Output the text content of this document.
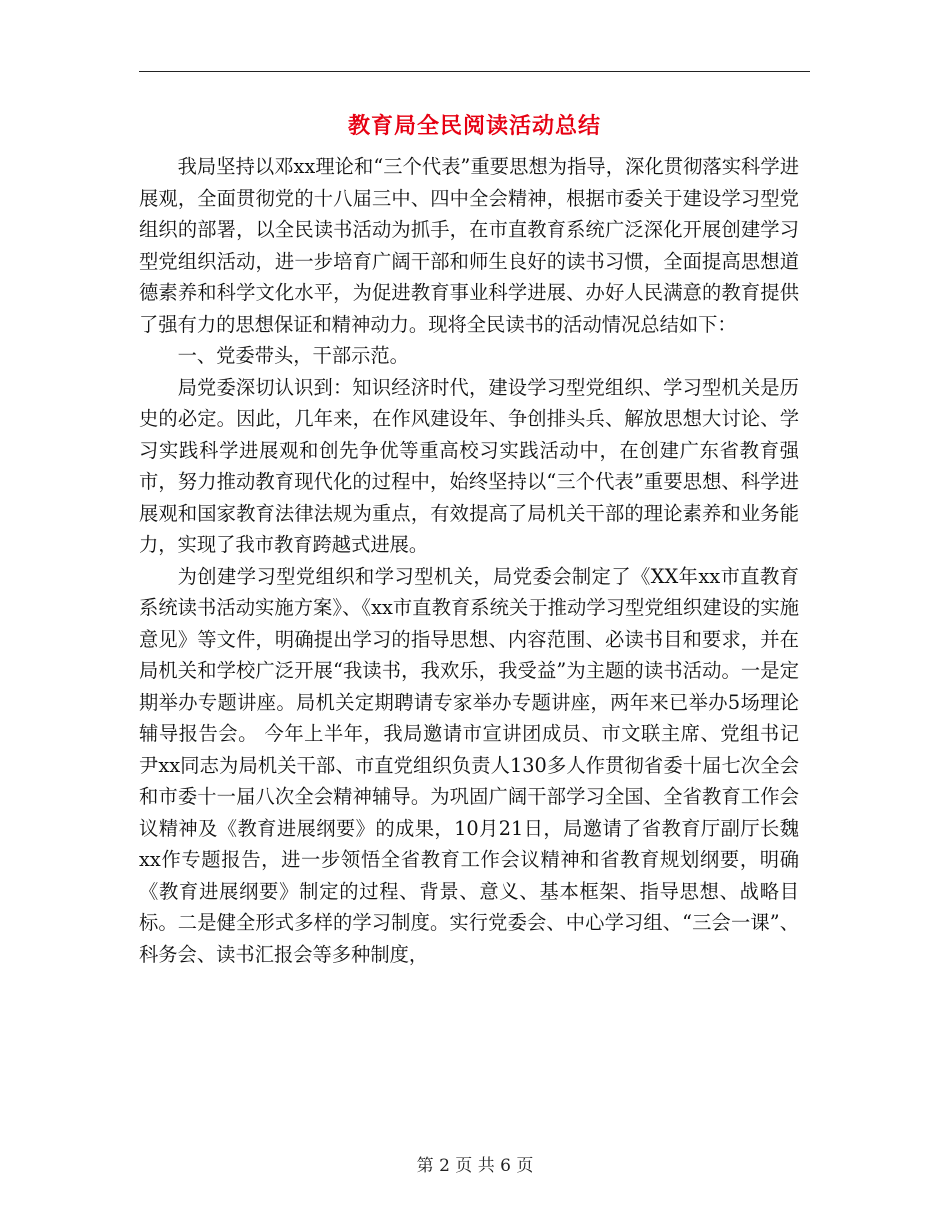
教育局全民阅读活动总结

我局坚持以邓xx理论和“三个代表”重要思想为指导，深化贯彻落实科学进展观，全面贯彻党的十八届三中、四中全会精神，根据市委关于建设学习型党组织的部署，以全民读书活动为抓手，在市直教育系统广泛深化开展创建学习型党组织活动，进一步培育广阔干部和师生良好的读书习惯，全面提高思想道德素养和科学文化水平，为促进教育事业科学进展、办好人民满意的教育提供了强有力的思想保证和精神动力。现将全民读书的活动情况总结如下：

一、党委带头，干部示范。

局党委深切认识到：知识经济时代，建设学习型党组织、学习型机关是历史的必定。因此，几年来，在作风建设年、争创排头兵、解放思想大讨论、学习实践科学进展观和创先争优等重高校习实践活动中，在创建广东省教育强市，努力推动教育现代化的过程中，始终坚持以“三个代表”重要思想、科学进展观和国家教育法律法规为重点，有效提高了局机关干部的理论素养和业务能力，实现了我市教育跨越式进展。

为创建学习型党组织和学习型机关，局党委会制定了《XX年xx市直教育系统读书活动实施方案》、《xx市直教育系统关于推动学习型党组织建设的实施意见》等文件，明确提出学习的指导思想、内容范围、必读书目和要求，并在局机关和学校广泛开展“我读书，我欢乐，我受益”为主题的读书活动。一是定期举办专题讲座。局机关定期聘请专家举办专题讲座，两年来已举办5场理论辅导报告会。 今年上半年，我局邀请市宣讲团成员、市文联主席、党组书记尹xx同志为局机关干部、市直党组织负责人130多人作贯彻省委十届七次全会和市委十一届八次全会精神辅导。为巩固广阔干部学习全国、全省教育工作会议精神及《教育进展纲要》的成果，10月21日，局邀请了省教育厅副厅长魏xx作专题报告，进一步领悟全省教育工作会议精神和省教育规划纲要，明确《教育进展纲要》制定的过程、背景、意义、基本框架、指导思想、战略目标。二是健全形式多样的学习制度。实行党委会、中心学习组、“三会一课”、科务会、读书汇报会等多种制度，

第 2 页 共 6 页
